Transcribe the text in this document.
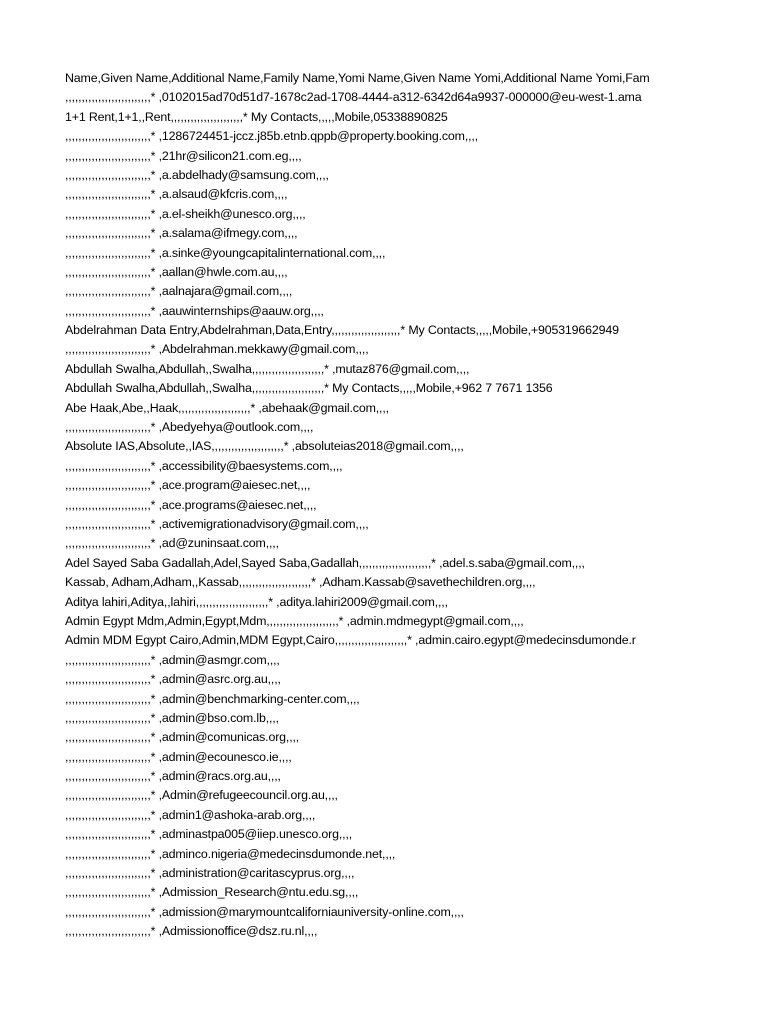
Name,Given Name,Additional Name,Family Name,Yomi Name,Given Name Yomi,Additional Name Yomi,Fam
,,,,,,,,,,,,,,,,,,,,,,,,,,* ,0102015ad70d51d7-1678c2ad-1708-4444-a312-6342d64a9937-000000@eu-west-1.ama
1+1 Rent,1+1,,Rent,,,,,,,,,,,,,,,,,,,,,,* My Contacts,,,,,Mobile,05338890825
,,,,,,,,,,,,,,,,,,,,,,,,,,* ,1286724451-jccz.j85b.etnb.qppb@property.booking.com,,,,
,,,,,,,,,,,,,,,,,,,,,,,,,,* ,21hr@silicon21.com.eg,,,,
,,,,,,,,,,,,,,,,,,,,,,,,,,* ,a.abdelhady@samsung.com,,,,
,,,,,,,,,,,,,,,,,,,,,,,,,,* ,a.alsaud@kfcris.com,,,,
,,,,,,,,,,,,,,,,,,,,,,,,,,* ,a.el-sheikh@unesco.org,,,,
,,,,,,,,,,,,,,,,,,,,,,,,,,* ,a.salama@ifmegy.com,,,,
,,,,,,,,,,,,,,,,,,,,,,,,,,* ,a.sinke@youngcapitalinternational.com,,,,
,,,,,,,,,,,,,,,,,,,,,,,,,,* ,aallan@hwle.com.au,,,,
,,,,,,,,,,,,,,,,,,,,,,,,,,* ,aalnajara@gmail.com,,,,
,,,,,,,,,,,,,,,,,,,,,,,,,,* ,aauwinternships@aauw.org,,,,
Abdelrahman Data Entry,Abdelrahman,Data,Entry,,,,,,,,,,,,,,,,,,,,,* My Contacts,,,,,Mobile,+905319662949
,,,,,,,,,,,,,,,,,,,,,,,,,,* ,Abdelrahman.mekkawy@gmail.com,,,,
Abdullah Swalha,Abdullah,,Swalha,,,,,,,,,,,,,,,,,,,,,,* ,mutaz876@gmail.com,,,,
Abdullah Swalha,Abdullah,,Swalha,,,,,,,,,,,,,,,,,,,,,,* My Contacts,,,,,Mobile,+962 7 7671 1356
Abe Haak,Abe,,Haak,,,,,,,,,,,,,,,,,,,,,,* ,abehaak@gmail.com,,,,
,,,,,,,,,,,,,,,,,,,,,,,,,,* ,Abedyehya@outlook.com,,,,
Absolute IAS,Absolute,,IAS,,,,,,,,,,,,,,,,,,,,,,* ,absoluteias2018@gmail.com,,,,
,,,,,,,,,,,,,,,,,,,,,,,,,,* ,accessibility@baesystems.com,,,,
,,,,,,,,,,,,,,,,,,,,,,,,,,* ,ace.program@aiesec.net,,,,
,,,,,,,,,,,,,,,,,,,,,,,,,,* ,ace.programs@aiesec.net,,,,
,,,,,,,,,,,,,,,,,,,,,,,,,,* ,activemigrationadvisory@gmail.com,,,,
,,,,,,,,,,,,,,,,,,,,,,,,,,* ,ad@zuninsaat.com,,,,
Adel Sayed Saba Gadallah,Adel,Sayed Saba,Gadallah,,,,,,,,,,,,,,,,,,,,,,* ,adel.s.saba@gmail.com,,,,
Kassab, Adham,Adham,,Kassab,,,,,,,,,,,,,,,,,,,,,,* ,Adham.Kassab@savethechildren.org,,,,
Aditya lahiri,Aditya,,lahiri,,,,,,,,,,,,,,,,,,,,,,* ,aditya.lahiri2009@gmail.com,,,,
Admin Egypt Mdm,Admin,Egypt,Mdm,,,,,,,,,,,,,,,,,,,,,,* ,admin.mdmegypt@gmail.com,,,,
Admin MDM Egypt Cairo,Admin,MDM Egypt,Cairo,,,,,,,,,,,,,,,,,,,,,,* ,admin.cairo.egypt@medecinsdumonde.r
,,,,,,,,,,,,,,,,,,,,,,,,,,* ,admin@asmgr.com,,,,
,,,,,,,,,,,,,,,,,,,,,,,,,,* ,admin@asrc.org.au,,,,
,,,,,,,,,,,,,,,,,,,,,,,,,,* ,admin@benchmarking-center.com,,,,
,,,,,,,,,,,,,,,,,,,,,,,,,,* ,admin@bso.com.lb,,,,
,,,,,,,,,,,,,,,,,,,,,,,,,,* ,admin@comunicas.org,,,,
,,,,,,,,,,,,,,,,,,,,,,,,,,* ,admin@ecounesco.ie,,,,
,,,,,,,,,,,,,,,,,,,,,,,,,,* ,admin@racs.org.au,,,,
,,,,,,,,,,,,,,,,,,,,,,,,,,* ,Admin@refugeecouncil.org.au,,,,
,,,,,,,,,,,,,,,,,,,,,,,,,,* ,admin1@ashoka-arab.org,,,,
,,,,,,,,,,,,,,,,,,,,,,,,,,* ,adminastpa005@iiep.unesco.org,,,,
,,,,,,,,,,,,,,,,,,,,,,,,,,* ,adminco.nigeria@medecinsdumonde.net,,,,
,,,,,,,,,,,,,,,,,,,,,,,,,,* ,administration@caritascyprus.org,,,,
,,,,,,,,,,,,,,,,,,,,,,,,,,* ,Admission_Research@ntu.edu.sg,,,,
,,,,,,,,,,,,,,,,,,,,,,,,,,* ,admission@marymountcaliforniauniversity-online.com,,,,
,,,,,,,,,,,,,,,,,,,,,,,,,,* ,Admissionoffice@dsz.ru.nl,,,,
